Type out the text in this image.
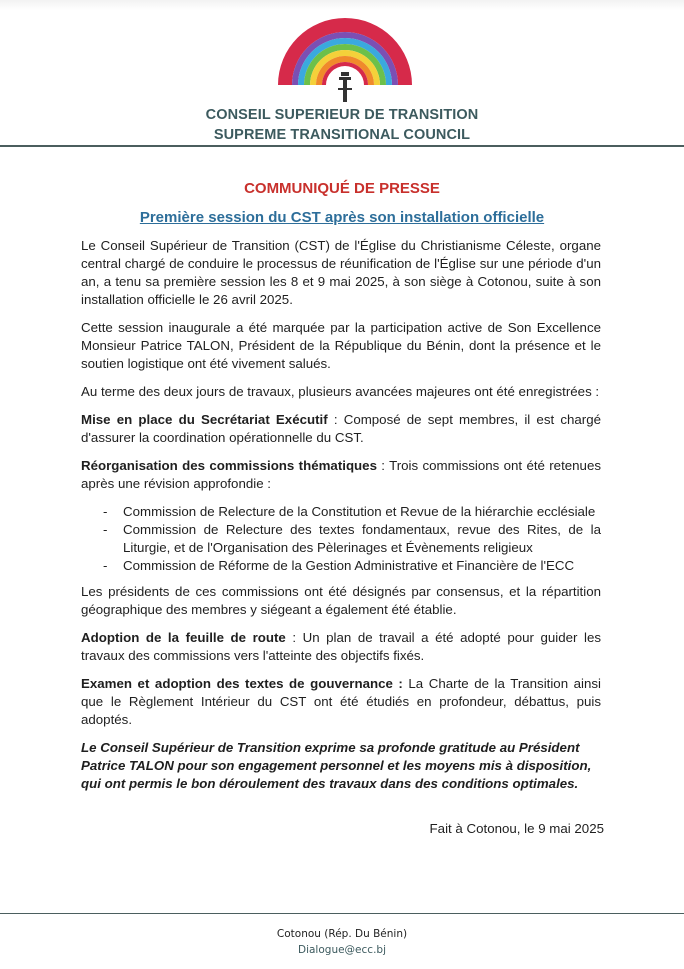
CONSEIL SUPERIEUR DE TRANSITION
SUPREME TRANSITIONAL COUNCIL
COMMUNIQUÉ DE PRESSE
Première session du CST après son installation officielle

Le Conseil Supérieur de Transition (CST) de l'Église du Christianisme Céleste, organe central chargé de conduire le processus de réunification de l'Église sur une période d'un an, a tenu sa première session les 8 et 9 mai 2025, à son siège à Cotonou, suite à son installation officielle le 26 avril 2025.

Cette session inaugurale a été marquée par la participation active de Son Excellence Monsieur Patrice TALON, Président de la République du Bénin, dont la présence et le soutien logistique ont été vivement salués.

Au terme des deux jours de travaux, plusieurs avancées majeures ont été enregistrées :

Mise en place du Secrétariat Exécutif : Composé de sept membres, il est chargé d'assurer la coordination opérationnelle du CST.

Réorganisation des commissions thématiques : Trois commissions ont été retenues après une révision approfondie :

- Commission de Relecture de la Constitution et Revue de la hiérarchie ecclésiale
- Commission de Relecture des textes fondamentaux, revue des Rites, de la Liturgie, et de l'Organisation des Pèlerinages et Évènements religieux
- Commission de Réforme de la Gestion Administrative et Financière de l'ECC

Les présidents de ces commissions ont été désignés par consensus, et la répartition géographique des membres y siégeant a également été établie.

Adoption de la feuille de route : Un plan de travail a été adopté pour guider les travaux des commissions vers l'atteinte des objectifs fixés.

Examen et adoption des textes de gouvernance : La Charte de la Transition ainsi que le Règlement Intérieur du CST ont été étudiés en profondeur, débattus, puis adoptés.

Le Conseil Supérieur de Transition exprime sa profonde gratitude au Président Patrice TALON pour son engagement personnel et les moyens mis à disposition, qui ont permis le bon déroulement des travaux dans des conditions optimales.

Fait à Cotonou, le 9 mai 2025
Cotonou (Rép. Du Bénin)
Dialogue@ecc.bj
